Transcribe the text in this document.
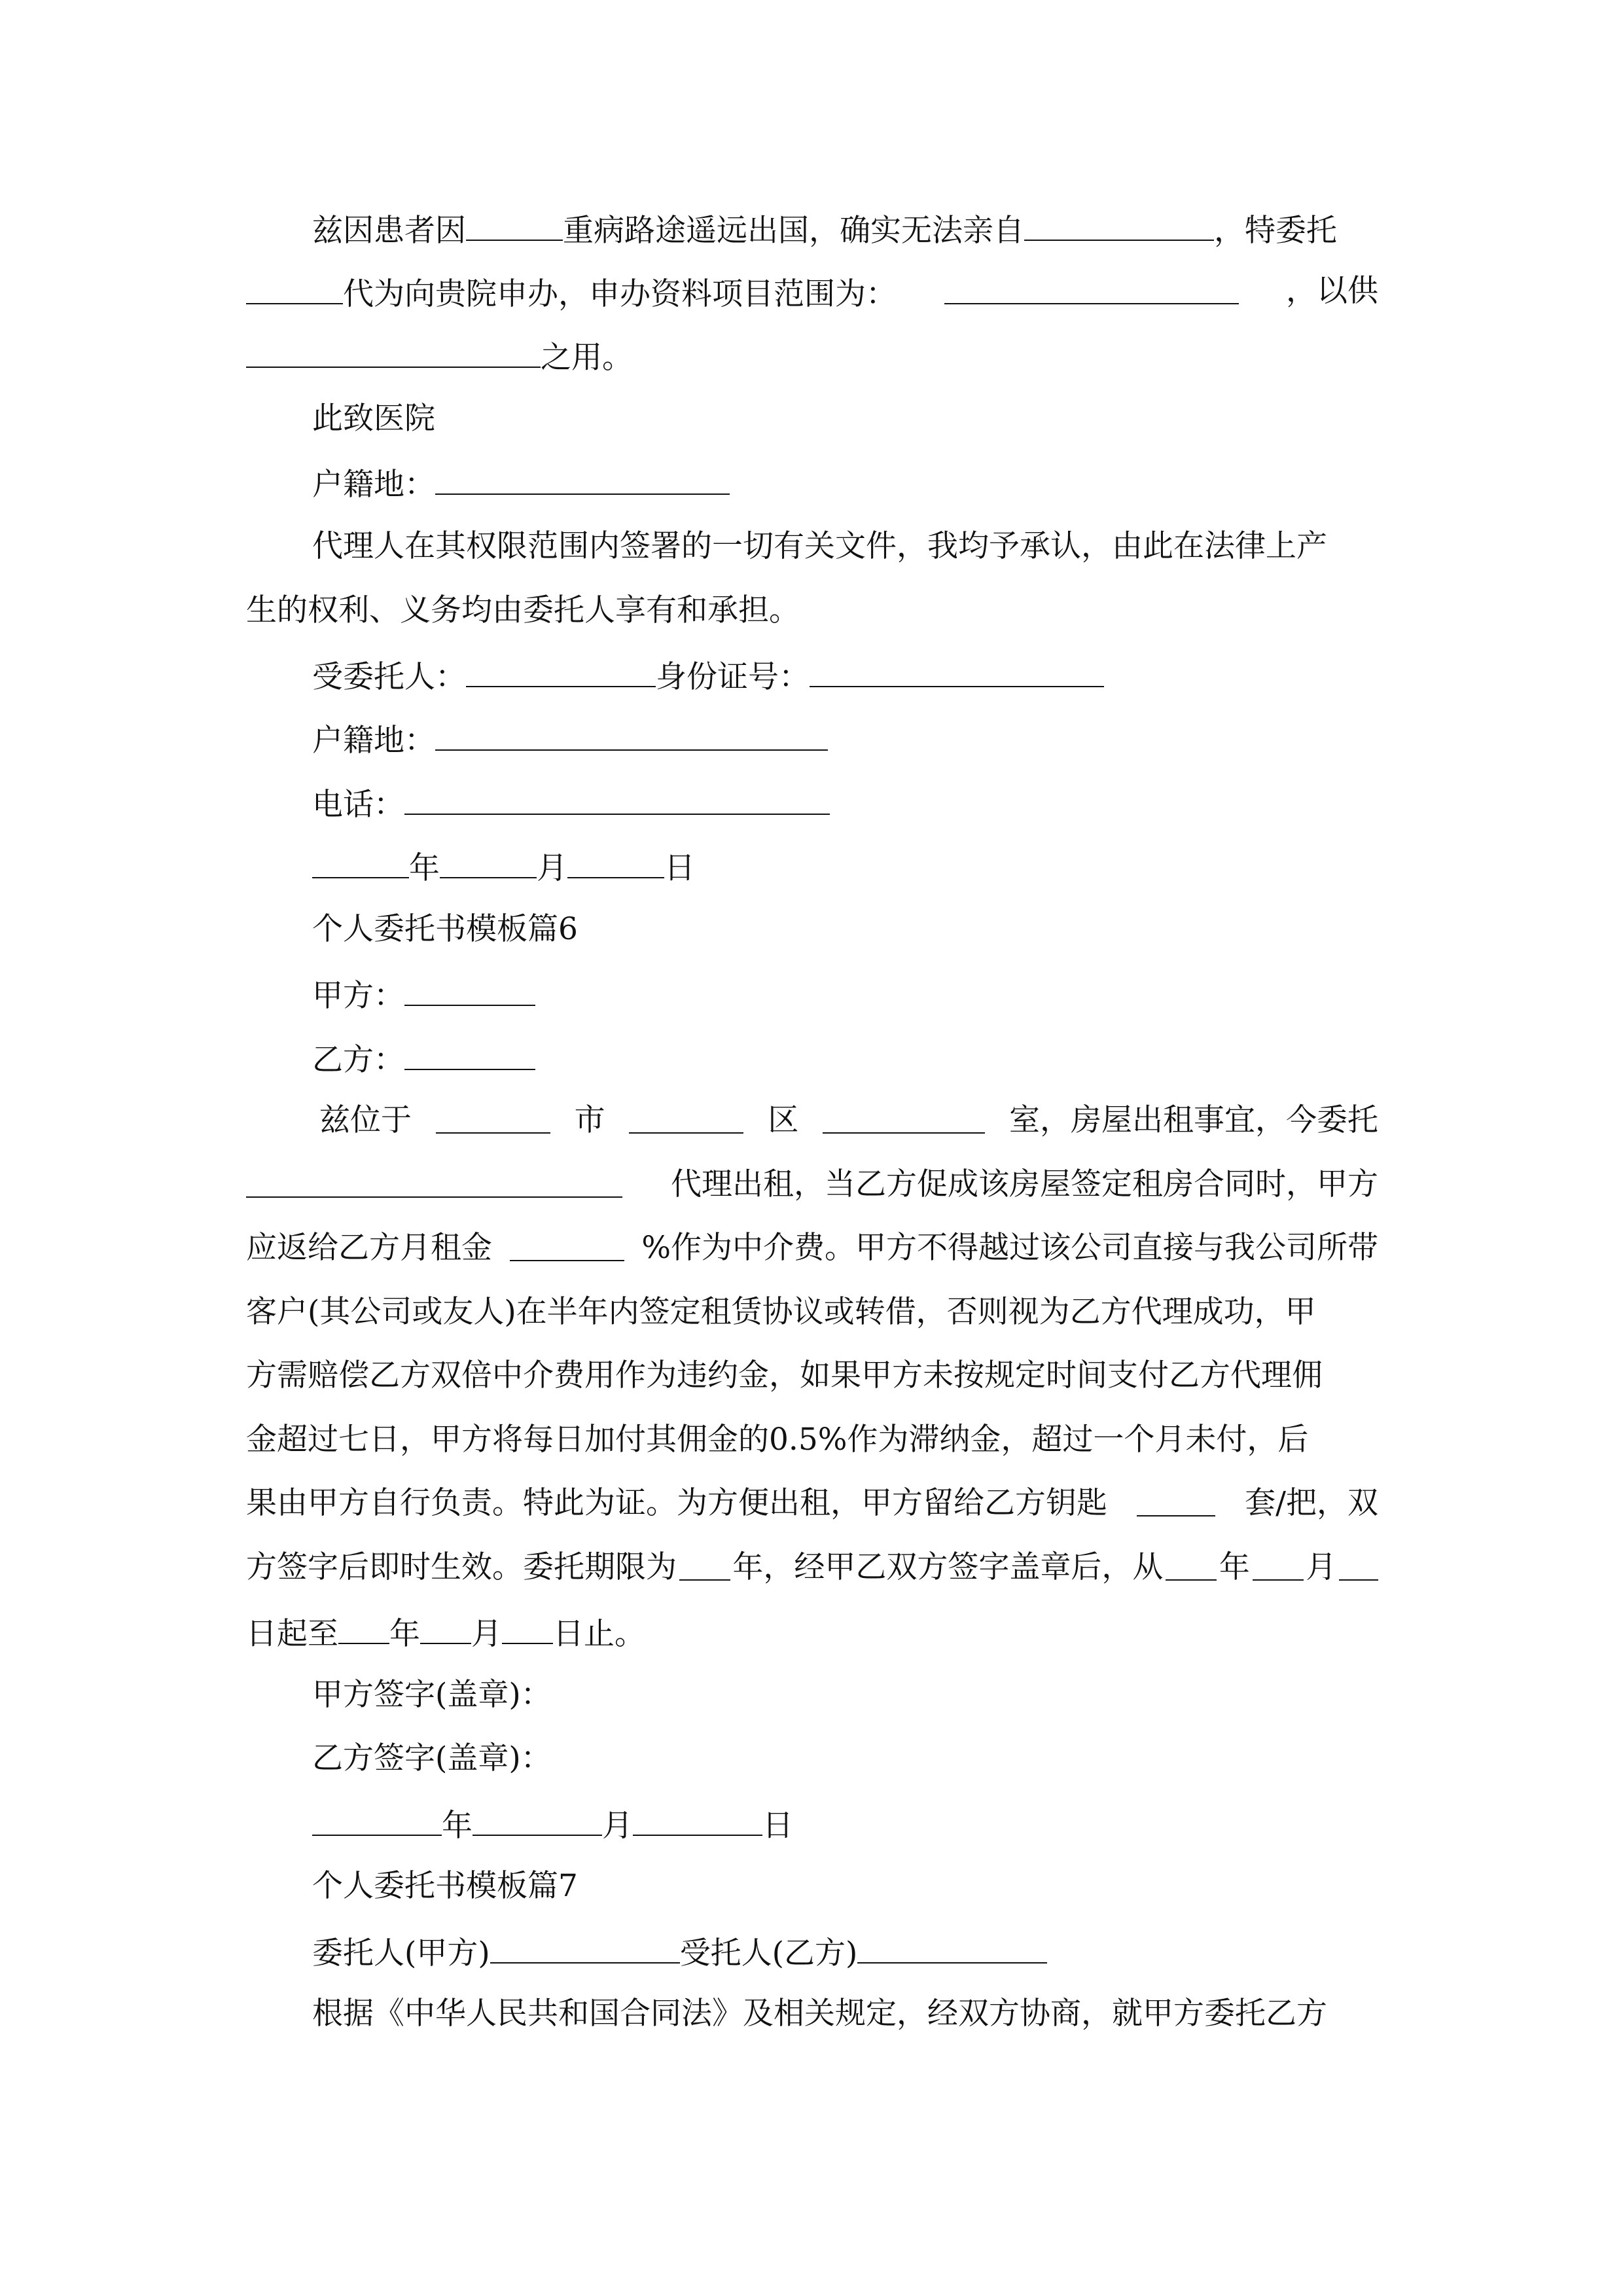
兹因患者因	重病路途遥远出国，确实无法亲自	，特委托
代为向贵院申办，申办资料项目范围为：	，以供
之用。
此致医院
户籍地：
代理人在其权限范围内签署的一切有关文件，我均予承认，由此在法律上产
生的权利、义务均由委托人享有和承担。
受委托人：	身份证号：
户籍地：
电话：
年	月	日
个人委托书模板篇6
甲方：
乙方：
兹位于	市	区	室，房屋出租事宜，今委托
代理出租，当乙方促成该房屋签定租房合同时，甲方
应返给乙方月租金	%作为中介费。甲方不得越过该公司直接与我公司所带
客户(其公司或友人)在半年内签定租赁协议或转借，否则视为乙方代理成功，甲
方需赔偿乙方双倍中介费用作为违约金，如果甲方未按规定时间支付乙方代理佣
金超过七日，甲方将每日加付其佣金的0.5%作为滞纳金，超过一个月未付，后
果由甲方自行负责。特此为证。为方便出租，甲方留给乙方钥匙	套/把，双
方签字后即时生效。委托期限为 年，经甲乙双方签字盖章后，从 年 月
日起至 年 月 日止。
甲方签字(盖章)：
乙方签字(盖章)：
年	月	日
个人委托书模板篇7
委托人(甲方)	受托人(乙方)
根据《中华人民共和国合同法》及相关规定，经双方协商，就甲方委托乙方
